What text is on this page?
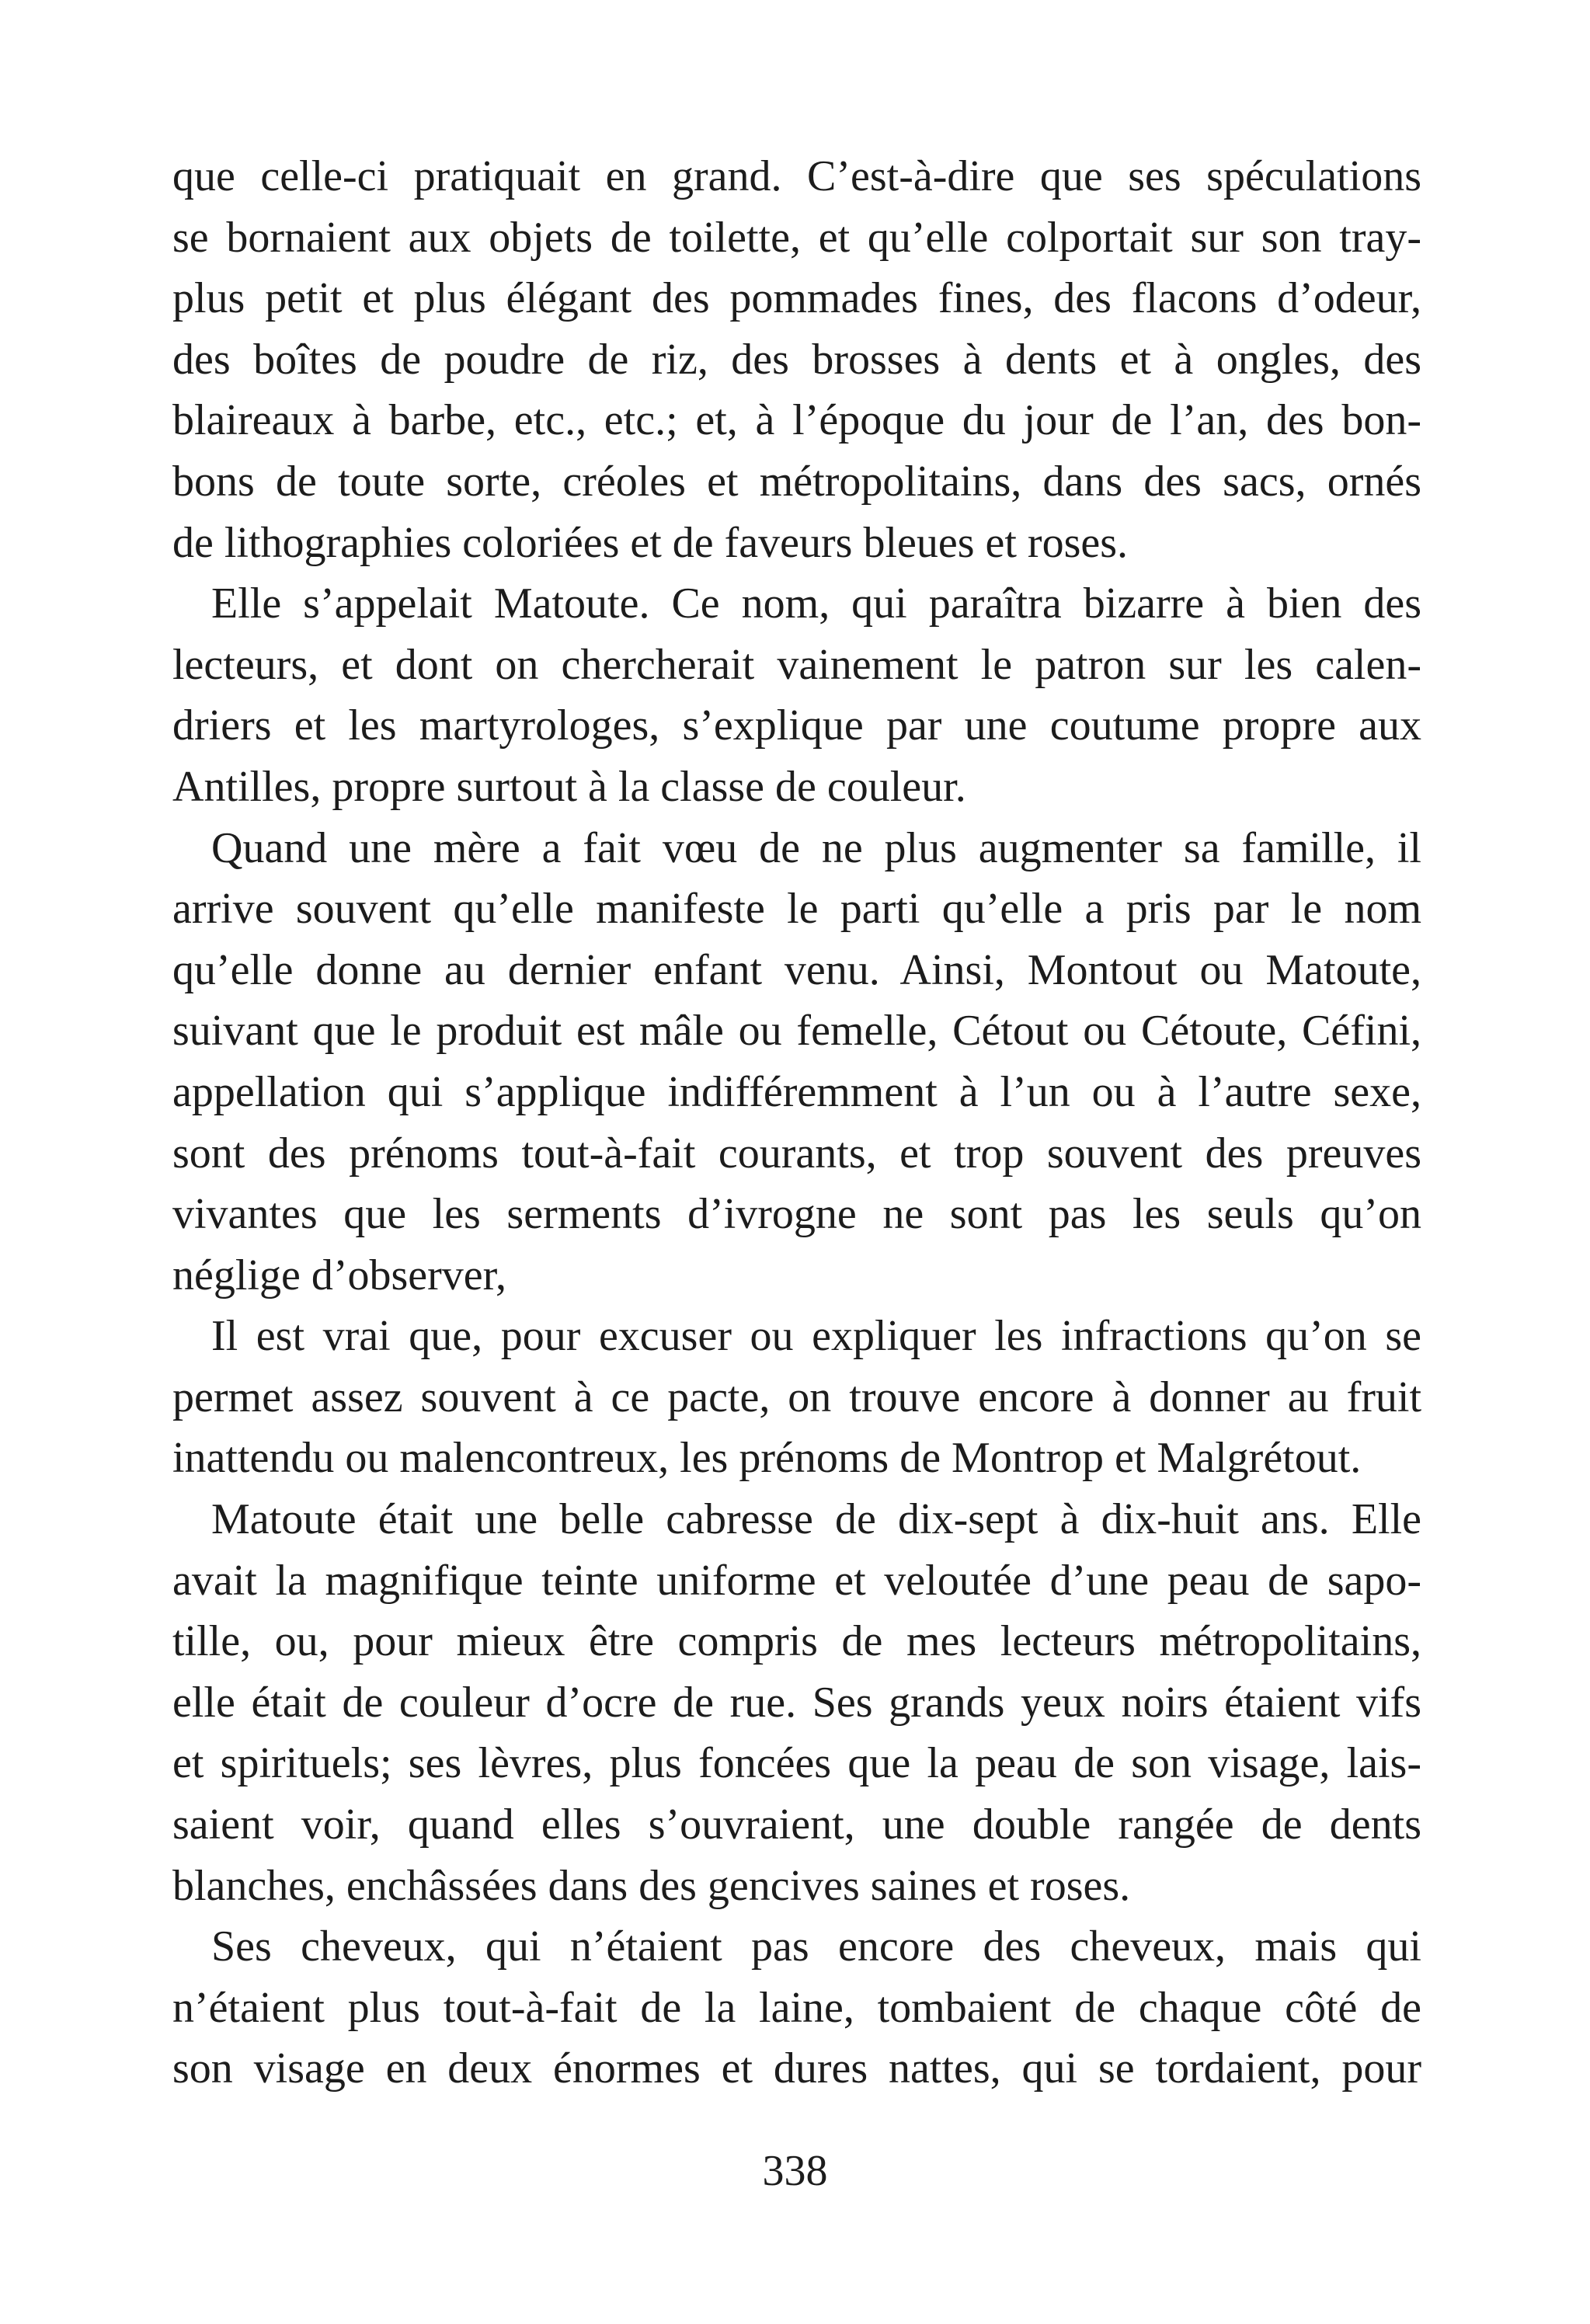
que celle-ci pratiquait en grand. C’est-à-dire que ses spéculations
se bornaient aux objets de toilette, et qu’elle colportait sur son tray-
plus petit et plus élégant des pommades fines, des flacons d’odeur,
des boîtes de poudre de riz, des brosses à dents et à ongles, des
blaireaux à barbe, etc., etc.; et, à l’époque du jour de l’an, des bon-
bons de toute sorte, créoles et métropolitains, dans des sacs, ornés
de lithographies coloriées et de faveurs bleues et roses.
Elle s’appelait Matoute. Ce nom, qui paraîtra bizarre à bien des
lecteurs, et dont on chercherait vainement le patron sur les calen-
driers et les martyrologes, s’explique par une coutume propre aux
Antilles, propre surtout à la classe de couleur.
Quand une mère a fait vœu de ne plus augmenter sa famille, il
arrive souvent qu’elle manifeste le parti qu’elle a pris par le nom
qu’elle donne au dernier enfant venu. Ainsi, Montout ou Matoute,
suivant que le produit est mâle ou femelle, Cétout ou Cétoute, Céfini,
appellation qui s’applique indifféremment à l’un ou à l’autre sexe,
sont des prénoms tout-à-fait courants, et trop souvent des preuves
vivantes que les serments d’ivrogne ne sont pas les seuls qu’on
néglige d’observer,
Il est vrai que, pour excuser ou expliquer les infractions qu’on se
permet assez souvent à ce pacte, on trouve encore à donner au fruit
inattendu ou malencontreux, les prénoms de Montrop et Malgrétout.
Matoute était une belle cabresse de dix-sept à dix-huit ans. Elle
avait la magnifique teinte uniforme et veloutée d’une peau de sapo-
tille, ou, pour mieux être compris de mes lecteurs métropolitains,
elle était de couleur d’ocre de rue. Ses grands yeux noirs étaient vifs
et spirituels; ses lèvres, plus foncées que la peau de son visage, lais-
saient voir, quand elles s’ouvraient, une double rangée de dents
blanches, enchâssées dans des gencives saines et roses.
Ses cheveux, qui n’étaient pas encore des cheveux, mais qui
n’étaient plus tout-à-fait de la laine, tombaient de chaque côté de
son visage en deux énormes et dures nattes, qui se tordaient, pour
338
